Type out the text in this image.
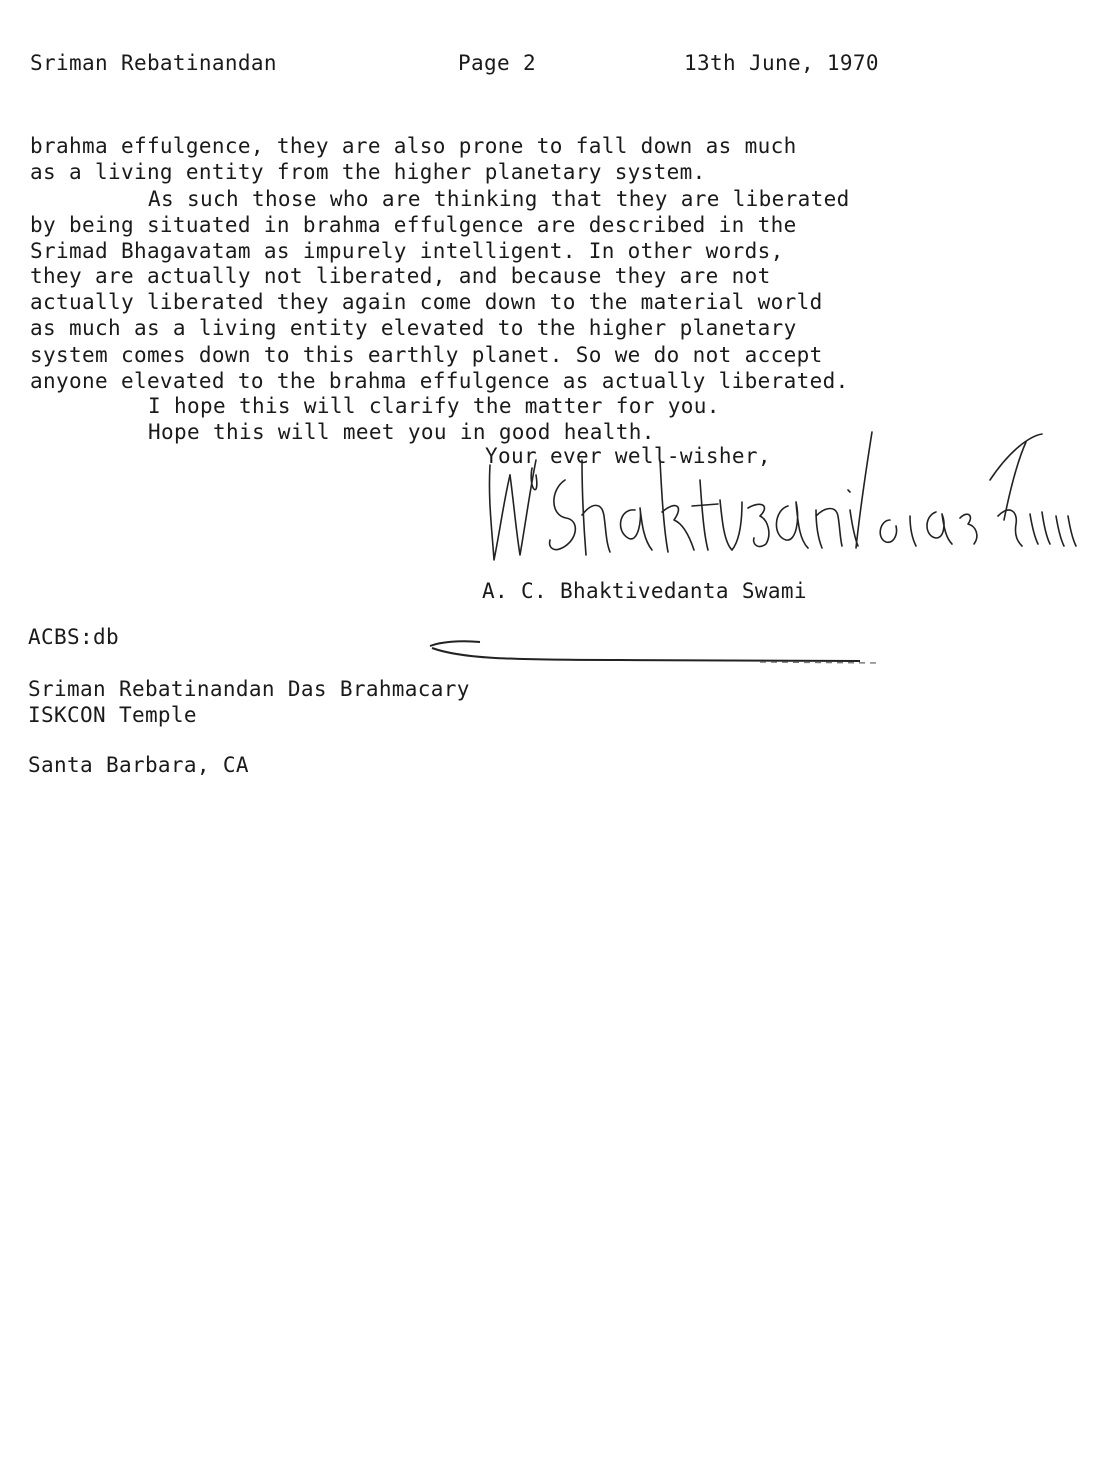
Sriman Rebatinandan	Page 2	13th June, 1970
brahma effulgence, they are also prone to fall down as much
as a living entity from the higher planetary system.
As such those who are thinking that they are liberated
by being situated in brahma effulgence are described in the
Srimad Bhagavatam as impurely intelligent. In other words,
they are actually not liberated, and because they are not
actually liberated they again come down to the material world
as much as a living entity elevated to the higher planetary
system comes down to this earthly planet. So we do not accept
anyone elevated to the brahma effulgence as actually liberated.
I hope this will clarify the matter for you.
Hope this will meet you in good health.
Your ever well-wisher,
A. C. Bhaktivedanta Swami
ACBS:db
Sriman Rebatinandan Das Brahmacary
ISKCON Temple
Santa Barbara, CA
